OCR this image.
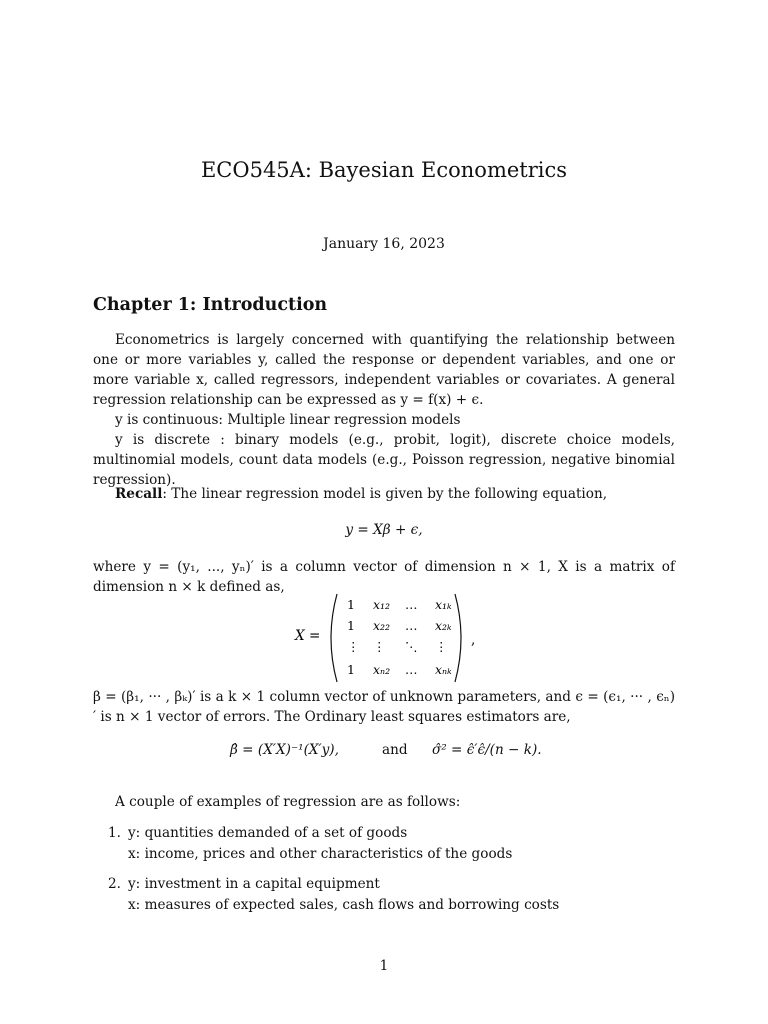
ECO545A: Bayesian Econometrics
January 16, 2023
Chapter 1: Introduction
Econometrics is largely concerned with quantifying the relationship between one or more variables y, called the response or dependent variables, and one or more variable x, called regressors, independent variables or covariates. A general regression relationship can be expressed as y = f(x) + ϵ.
y is continuous: Multiple linear regression models
y is discrete : binary models (e.g., probit, logit), discrete choice models, multinomial models, count data models (e.g., Poisson regression, negative binomial regression).
Recall: The linear regression model is given by the following equation,
y = Xβ + ϵ,
where y = (y₁, ..., yₙ)′ is a column vector of dimension n × 1, X is a matrix of dimension n × k defined as,
X =
1 x₁₂ … x₁ₖ
1 x₂₂ … x₂ₖ
⋮ ⋮ ⋱ ⋮
1 xₙ₂ … xₙₖ
,
β = (β₁, ··· , βₖ)′ is a k × 1 column vector of unknown parameters, and ϵ = (ϵ₁, ··· , ϵₙ)′ is n × 1 vector of errors. The Ordinary least squares estimators are,
β̂ = (X′X)⁻¹(X′y),	and σ̂² = ϵ̂′ϵ̂/(n − k).
A couple of examples of regression are as follows:
1. y: quantities demanded of a set of goods
x: income, prices and other characteristics of the goods
2. y: investment in a capital equipment
x: measures of expected sales, cash flows and borrowing costs
1
